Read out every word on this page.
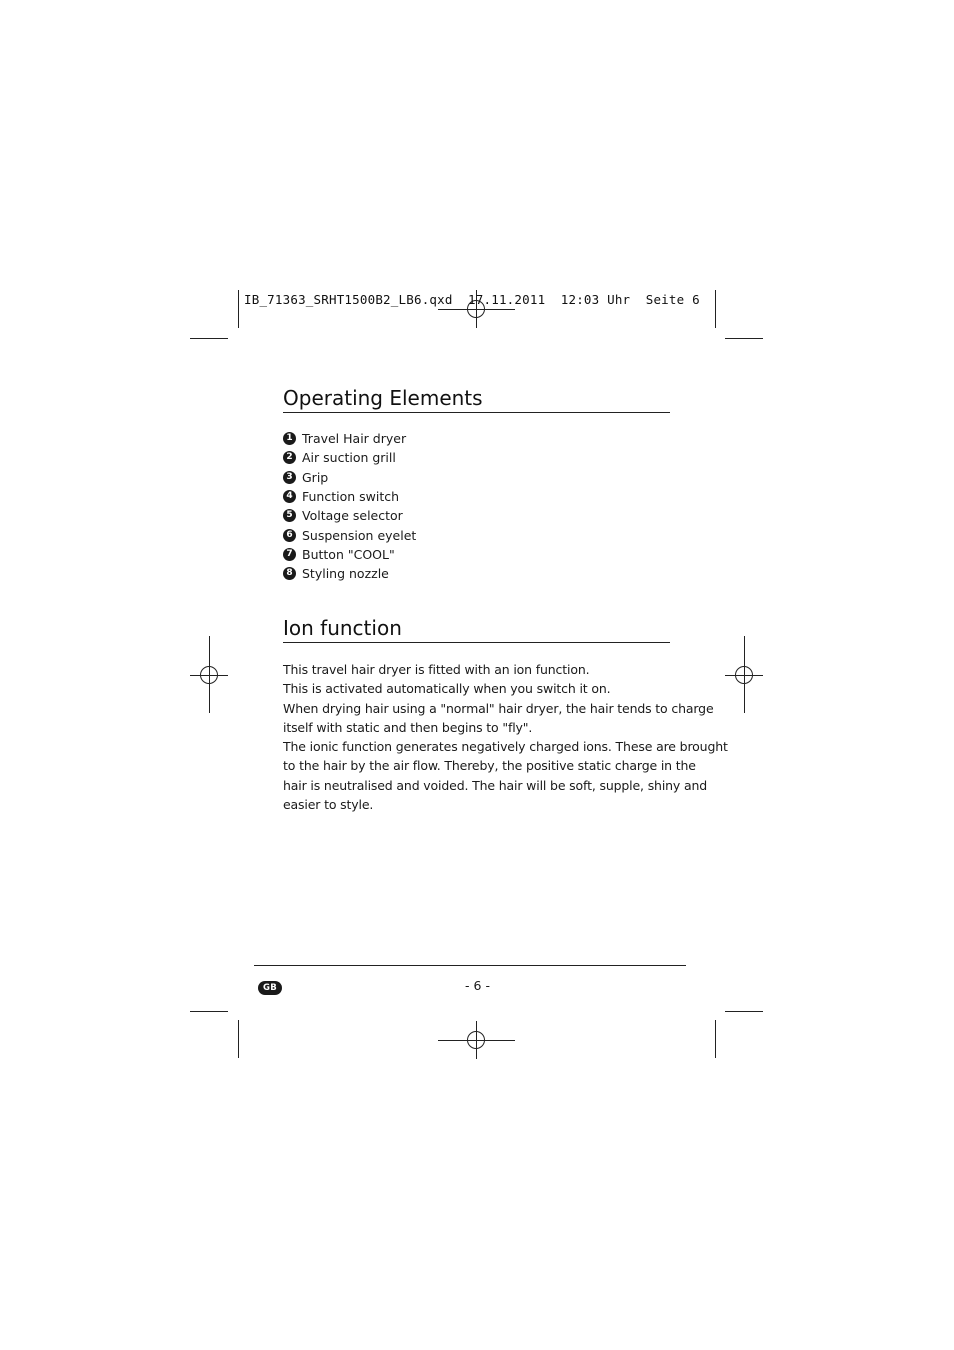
IB_71363_SRHT1500B2_LB6.qxd  17.11.2011  12:03 Uhr  Seite 6
Operating Elements
1 Travel Hair dryer
2 Air suction grill
3 Grip
4 Function switch
5 Voltage selector
6 Suspension eyelet
7 Button "COOL"
8 Styling nozzle
Ion function
This travel hair dryer is fitted with an ion function.
This is activated automatically when you switch it on.
When drying hair using a "normal" hair dryer, the hair tends to charge
itself with static and then begins to "fly".
The ionic function generates negatively charged ions. These are brought
to the hair by the air flow. Thereby, the positive static charge in the
hair is neutralised and voided. The hair will be soft, supple, shiny and
easier to style.
GB	- 6 -
